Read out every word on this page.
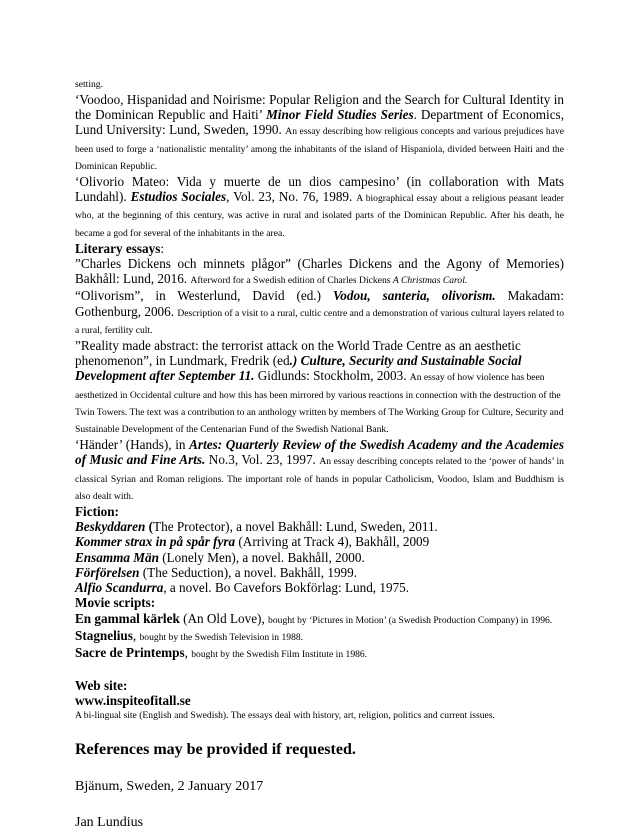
setting.
‘Voodoo, Hispanidad and Noirisme: Popular Religion and the Search for Cultural Identity in the Dominican Republic and Haiti’ Minor Field Studies Series. Department of Economics, Lund University: Lund, Sweden, 1990. An essay describing how religious concepts and various prejudices have been used to forge a ‘nationalistic mentality’ among the inhabitants of the island of Hispaniola, divided between Haiti and the Dominican Republic.
‘Olivorio Mateo: Vida y muerte de un dios campesino’ (in collaboration with Mats Lundahl). Estudios Sociales, Vol. 23, No. 76, 1989. A biographical essay about a religious peasant leader who, at the beginning of this century, was active in rural and isolated parts of the Dominican Republic. After his death, he became a god for several of the inhabitants in the area.
Literary essays:
”Charles Dickens och minnets plågor” (Charles Dickens and the Agony of Memories) Bakhåll: Lund, 2016. Afterword for a Swedish edition of Charles Dickens A Christmas Carol.
“Olivorism”, in Westerlund, David (ed.) Vodou, santeria, olivorism. Makadam: Gothenburg, 2006. Description of a visit to a rural, cultic centre and a demonstration of various cultural layers related to a rural, fertility cult.
”Reality made abstract: the terrorist attack on the World Trade Centre as an aesthetic phenomenon”, in Lundmark, Fredrik (ed.) Culture, Security and Sustainable Social Development after September 11. Gidlunds: Stockholm, 2003. An essay of how violence has been aesthetized in Occidental culture and how this has been mirrored by various reactions in connection with the destruction of the Twin Towers. The text was a contribution to an anthology written by members of The Working Group for Culture, Security and Sustainable Development of the Centenarian Fund of the Swedish National Bank.
‘Händer’ (Hands), in Artes: Quarterly Review of the Swedish Academy and the Academies of Music and Fine Arts. No.3, Vol. 23, 1997. An essay describing concepts related to the ‘power of hands’ in classical Syrian and Roman religions. The important role of hands in popular Catholicism, Voodoo, Islam and Buddhism is also dealt with.
Fiction:
Beskyddaren (The Protector), a novel Bakhåll: Lund, Sweden, 2011.
Kommer strax in på spår fyra (Arriving at Track 4), Bakhåll, 2009
Ensamma Män (Lonely Men), a novel. Bakhåll, 2000.
Förförelsen (The Seduction), a novel. Bakhåll, 1999.
Alfio Scandurra, a novel. Bo Cavefors Bokförlag: Lund, 1975.
Movie scripts:
En gammal kärlek (An Old Love), bought by ‘Pictures in Motion’ (a Swedish Production Company) in 1996.
Stagnelius, bought by the Swedish Television in 1988.
Sacre de Printemps, bought by the Swedish Film Institute in 1986.
Web site:
www.inspiteofitall.se
A bi-lingual site (English and Swedish). The essays deal with history, art, religion, politics and current issues.
References may be provided if requested.
Bjänum, Sweden, 2 January 2017
Jan Lundius
